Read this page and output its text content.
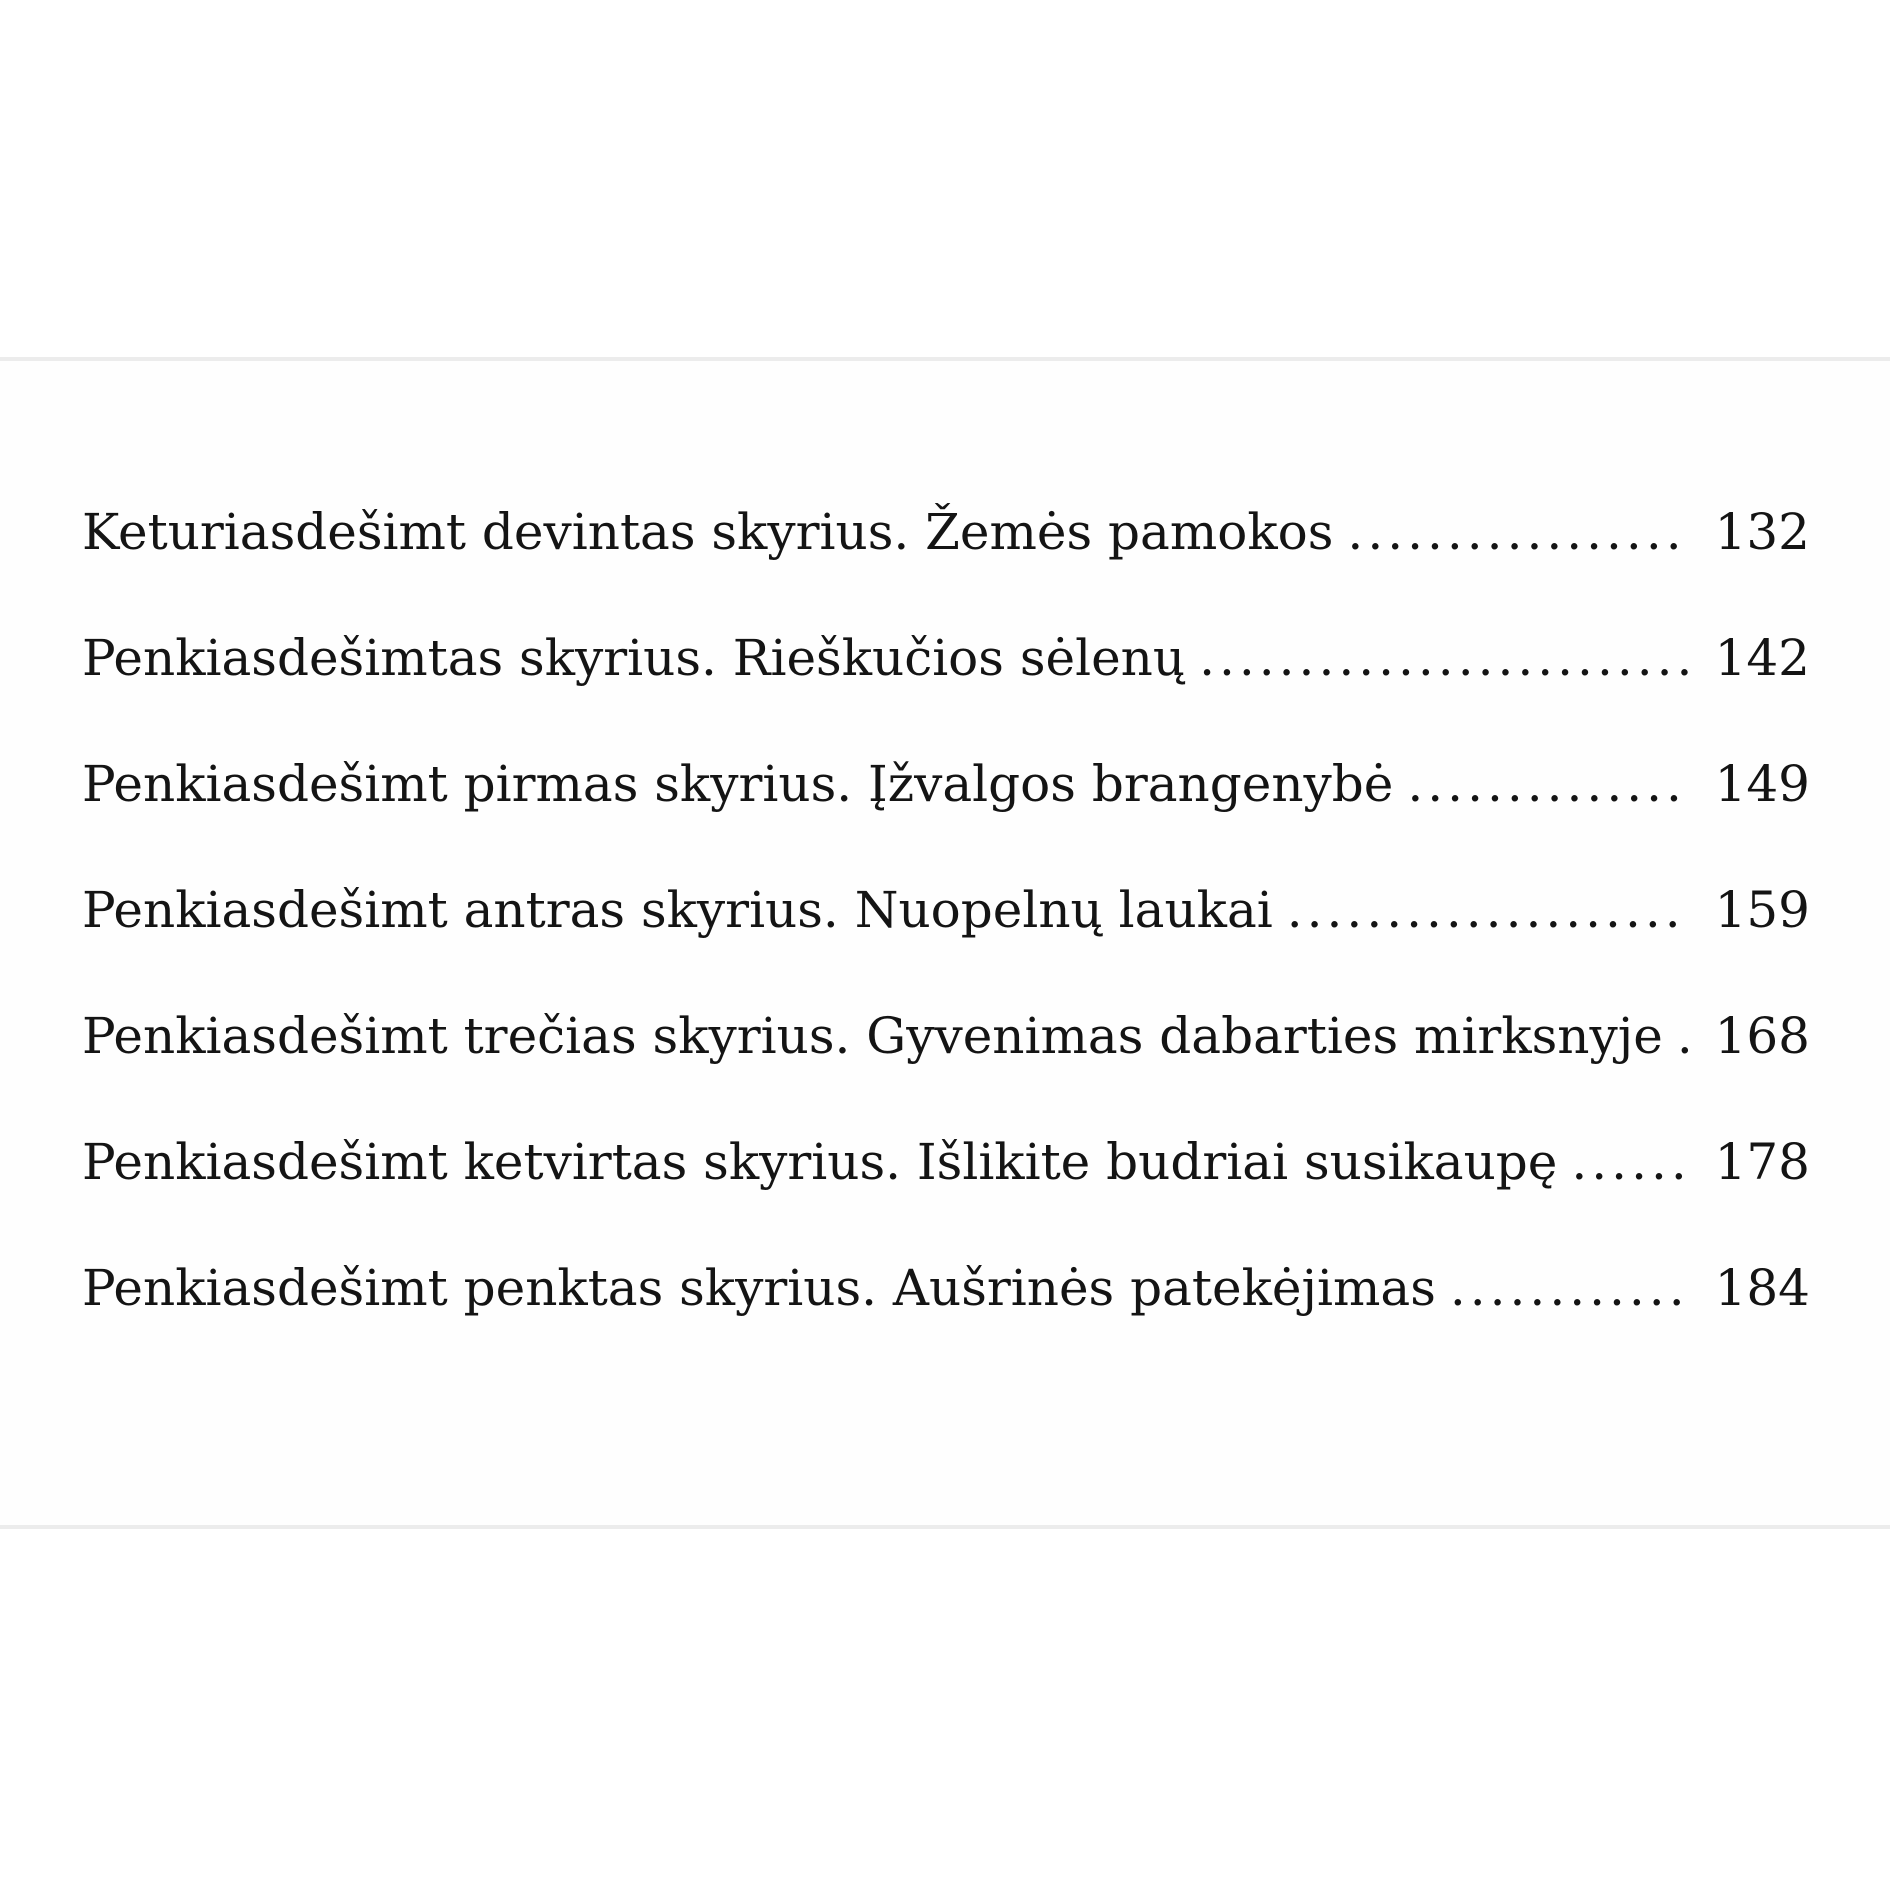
Keturiasdešimt devintas skyrius. Žemės pamokos .....	132
Penkiasdešimtas skyrius. Rieškučios sėlenų .....	142
Penkiasdešimt pirmas skyrius. Įžvalgos brangenybė .....	149
Penkiasdešimt antras skyrius. Nuopelnų laukai .....	159
Penkiasdešimt trečias skyrius. Gyvenimas dabarties mirksnyje ..... 168
Penkiasdešimt ketvirtas skyrius. Išlikite budriai susikaupę .....	178
Penkiasdešimt penktas skyrius. Aušrinės patekėjimas .....	184
